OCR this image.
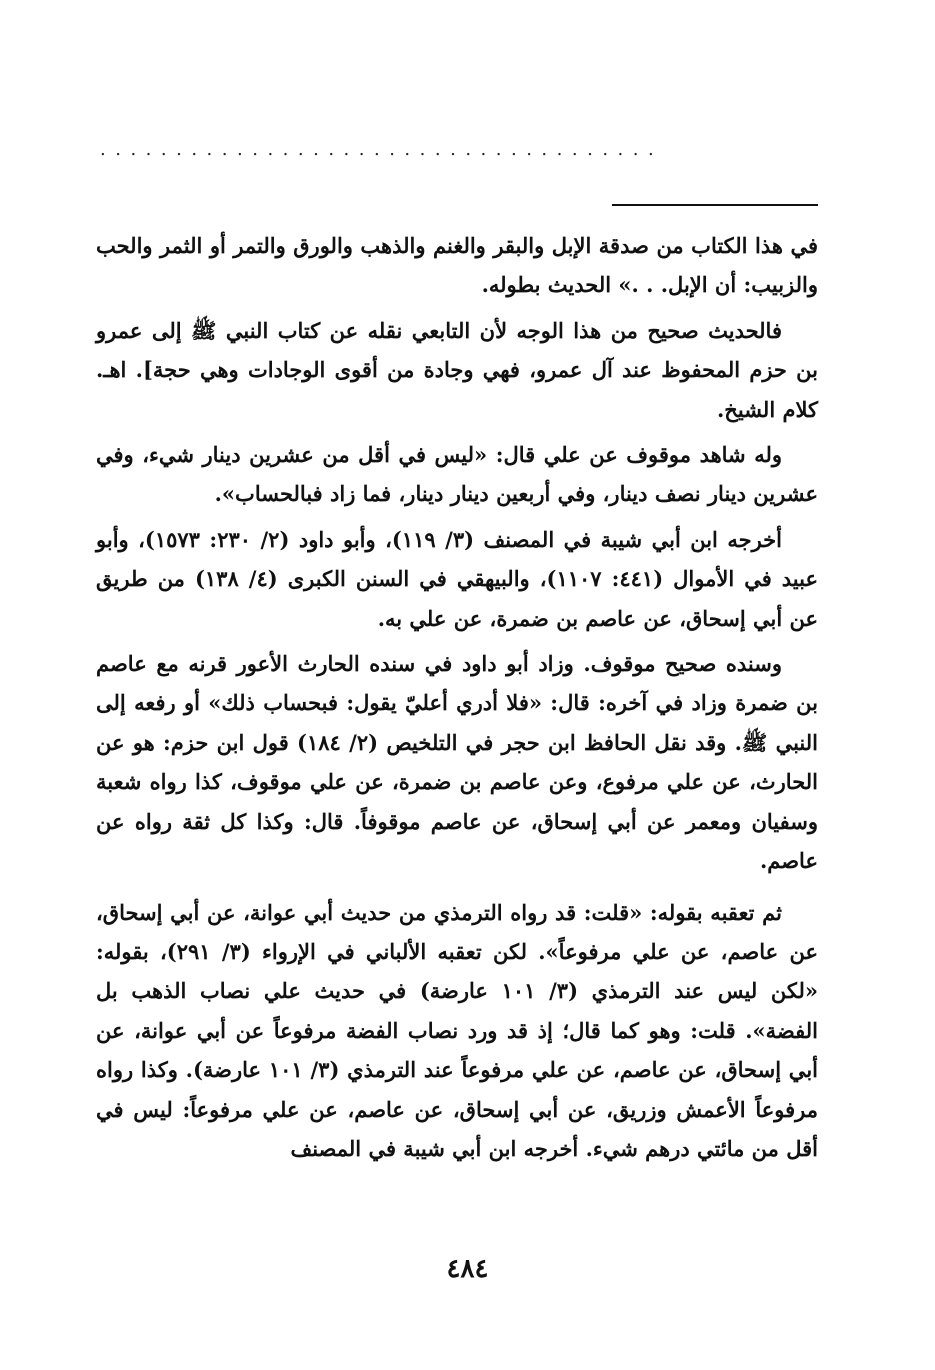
.....................................

في هذا الكتاب من صدقة الإبل والبقر والغنم والذهب والورق والتمر أو الثمر والحب والزبيب: أن الإبل. . .» الحديث بطوله.

فالحديث صحيح من هذا الوجه لأن التابعي نقله عن كتاب النبي ﷺ إلى عمرو بن حزم المحفوظ عند آل عمرو، فهي وجادة من أقوى الوجادات وهي حجة]. اهـ. كلام الشيخ.

وله شاهد موقوف عن علي قال: «ليس في أقل من عشرين دينار شيء، وفي عشرين دينار نصف دينار، وفي أربعين دينار دينار، فما زاد فبالحساب».

أخرجه ابن أبي شيبة في المصنف (٣/ ١١٩)، وأبو داود (٢/ ٢٣٠: ١٥٧٣)، وأبو عبيد في الأموال (٤٤١: ١١٠٧)، والبيهقي في السنن الكبرى (٤/ ١٣٨) من طريق عن أبي إسحاق، عن عاصم بن ضمرة، عن علي به.

وسنده صحيح موقوف. وزاد أبو داود في سنده الحارث الأعور قرنه مع عاصم بن ضمرة وزاد في آخره: قال: «فلا أدري أعليّ يقول: فبحساب ذلك» أو رفعه إلى النبي ﷺ. وقد نقل الحافظ ابن حجر في التلخيص (٢/ ١٨٤) قول ابن حزم: هو عن الحارث، عن علي مرفوع، وعن عاصم بن ضمرة، عن علي موقوف، كذا رواه شعبة وسفيان ومعمر عن أبي إسحاق، عن عاصم موقوفاً. قال: وكذا كل ثقة رواه عن عاصم.

ثم تعقبه بقوله: «قلت: قد رواه الترمذي من حديث أبي عوانة، عن أبي إسحاق، عن عاصم، عن علي مرفوعاً». لكن تعقبه الألباني في الإرواء (٣/ ٢٩١)، بقوله: «لكن ليس عند الترمذي (٣/ ١٠١ عارضة) في حديث علي نصاب الذهب بل الفضة». قلت: وهو كما قال؛ إذ قد ورد نصاب الفضة مرفوعاً عن أبي عوانة، عن أبي إسحاق، عن عاصم، عن علي مرفوعاً عند الترمذي (٣/ ١٠١ عارضة). وكذا رواه مرفوعاً الأعمش وزريق، عن أبي إسحاق، عن عاصم، عن علي مرفوعاً: ليس في أقل من مائتي درهم شيء. أخرجه ابن أبي شيبة في المصنف

٤٨٤
